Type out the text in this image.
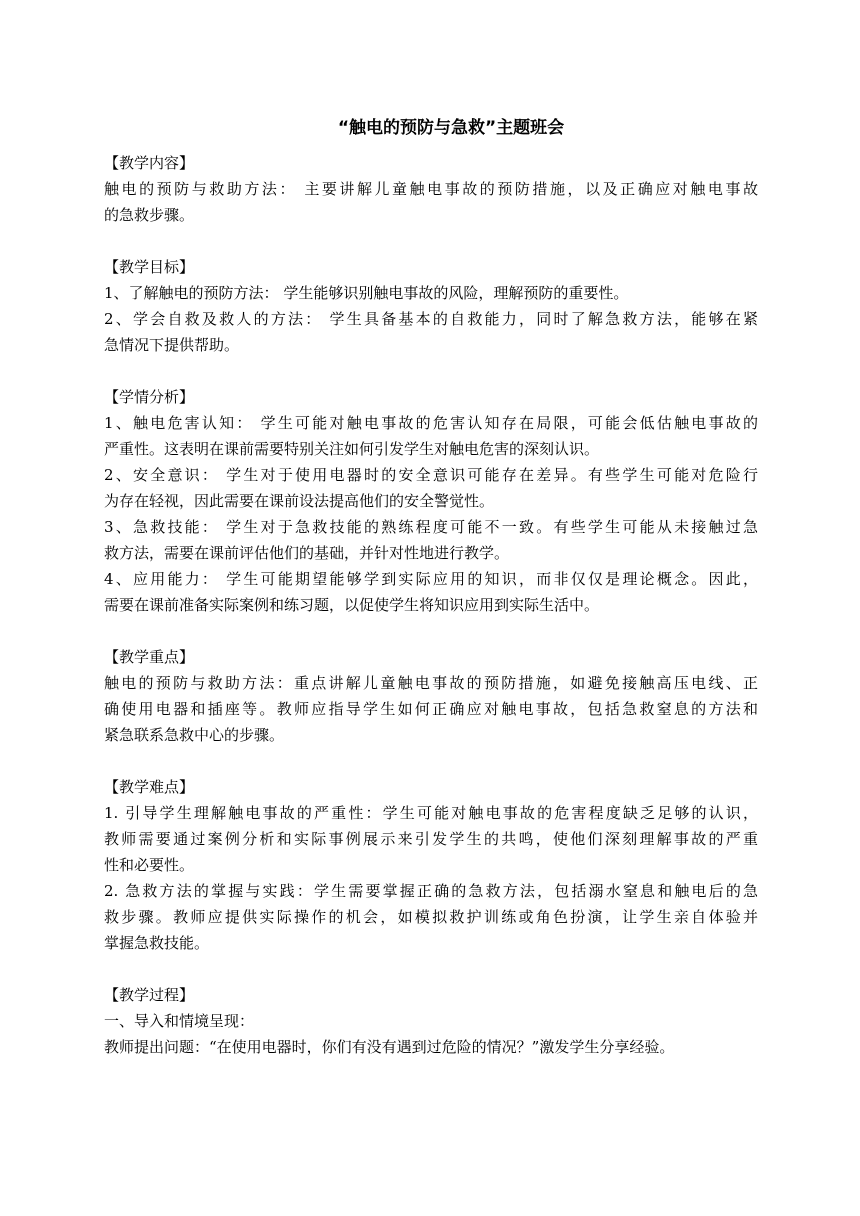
“触电的预防与急救”主题班会
【教学内容】
触电的预防与救助方法： 主要讲解儿童触电事故的预防措施，以及正确应对触电事故
的急救步骤。
【教学目标】
1、了解触电的预防方法： 学生能够识别触电事故的风险，理解预防的重要性。
2、学会自救及救人的方法： 学生具备基本的自救能力，同时了解急救方法，能够在紧
急情况下提供帮助。
【学情分析】
1、触电危害认知： 学生可能对触电事故的危害认知存在局限，可能会低估触电事故的
严重性。这表明在课前需要特别关注如何引发学生对触电危害的深刻认识。
2、安全意识： 学生对于使用电器时的安全意识可能存在差异。有些学生可能对危险行
为存在轻视，因此需要在课前设法提高他们的安全警觉性。
3、急救技能： 学生对于急救技能的熟练程度可能不一致。有些学生可能从未接触过急
救方法，需要在课前评估他们的基础，并针对性地进行教学。
4、应用能力： 学生可能期望能够学到实际应用的知识，而非仅仅是理论概念。因此，
需要在课前准备实际案例和练习题，以促使学生将知识应用到实际生活中。
【教学重点】
触电的预防与救助方法：重点讲解儿童触电事故的预防措施，如避免接触高压电线、正
确使用电器和插座等。教师应指导学生如何正确应对触电事故，包括急救窒息的方法和
紧急联系急救中心的步骤。
【教学难点】
1. 引导学生理解触电事故的严重性：学生可能对触电事故的危害程度缺乏足够的认识，
教师需要通过案例分析和实际事例展示来引发学生的共鸣，使他们深刻理解事故的严重
性和必要性。
2. 急救方法的掌握与实践：学生需要掌握正确的急救方法，包括溺水窒息和触电后的急
救步骤。教师应提供实际操作的机会，如模拟救护训练或角色扮演，让学生亲自体验并
掌握急救技能。
【教学过程】
一、导入和情境呈现：
教师提出问题：“在使用电器时，你们有没有遇到过危险的情况？”激发学生分享经验。
